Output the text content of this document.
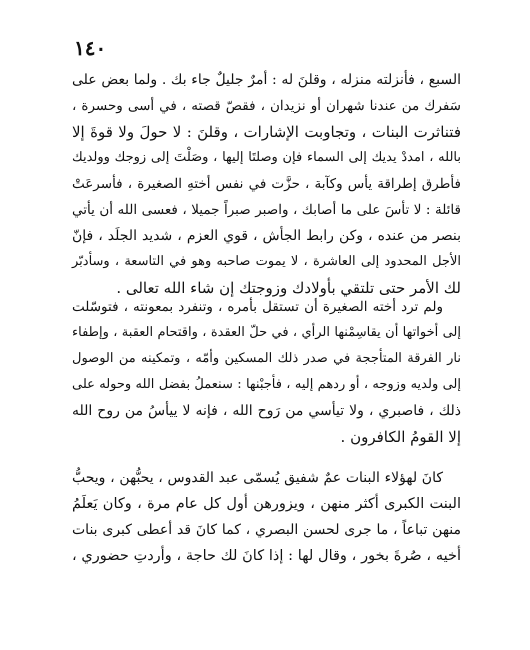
١٤٠
السبع ، فأنزلته منزله ، وقلنَ له : أمرٌ جليلٌ جاء بك . ولما بعض على
سَفرك من عندنا شهران أو نزيدان ، فقصّ قصته ، في أسى وحسرة ،
فتناثرت البنات ، وتجاوبت الإشارات ، وقلنَ : لا حولَ ولا قوةَ إلا
بالله ، امددْ يديك إلى السماء فإن وصلتَا إليها ، وصَلْتَ إلى زوجك وولديك
فأطرق إطراقة يأس وكآبة ، حزَّت في نفس أختهِ الصغيرة ، فأسرعَتْ
قائلة : لا تأسَ على ما أصابك ، واصبر صبراً جميلا ، فعسى الله أن يأتي
بنصر من عنده ، وكن رابط الجأش ، قوي العزم ، شديد الجلَد ، فإنّ
الأجل المحدود إلى العاشرة ، لا يموت صاحبه وهو في التاسعة ، وسأدبّر
لك الأمر حتى تلتقي بأولادك وزوجتك إن شاء الله تعالى .
ولم ترد أخته الصغيرة أن تستقل بأمره ، وتنفرد بمعونته ، فتوسّلت
إلى أخواتها أن يقاسِمْنها الرأي ، في حلّ العقدة ، واقتحام العقبة ، وإطفاء
نار الفرقة المتأججة في صدر ذلك المسكين وأمّه ، وتمكينه من الوصول
إلى ولديه وزوجه ، أو ردهم إليه ، فأجبْنها : سنعملُ بفضل الله وحوله على
ذلك ، فاصبري ، ولا تيأسي من رَوح الله ، فإنه لا ييأسُ من روح الله
إلا القومُ الكافرون .
كانَ لهؤلاء البنات عمٌ شفيق يُسمّى عبد القدوس ، يحبُّهن ، ويحبُّ
البنت الكبرى أكثر منهن ، ويزورهن أول كل عام مرة ، وكان يَعلَمُ
منهن تباعاً ، ما جرى لحسن البصري ، كما كانَ قد أعطى كبرى بنات
أخيه ، صُرةَ بخور ، وقال لها : إذا كانَ لك حاجة ، وأردتِ حضوري ،
